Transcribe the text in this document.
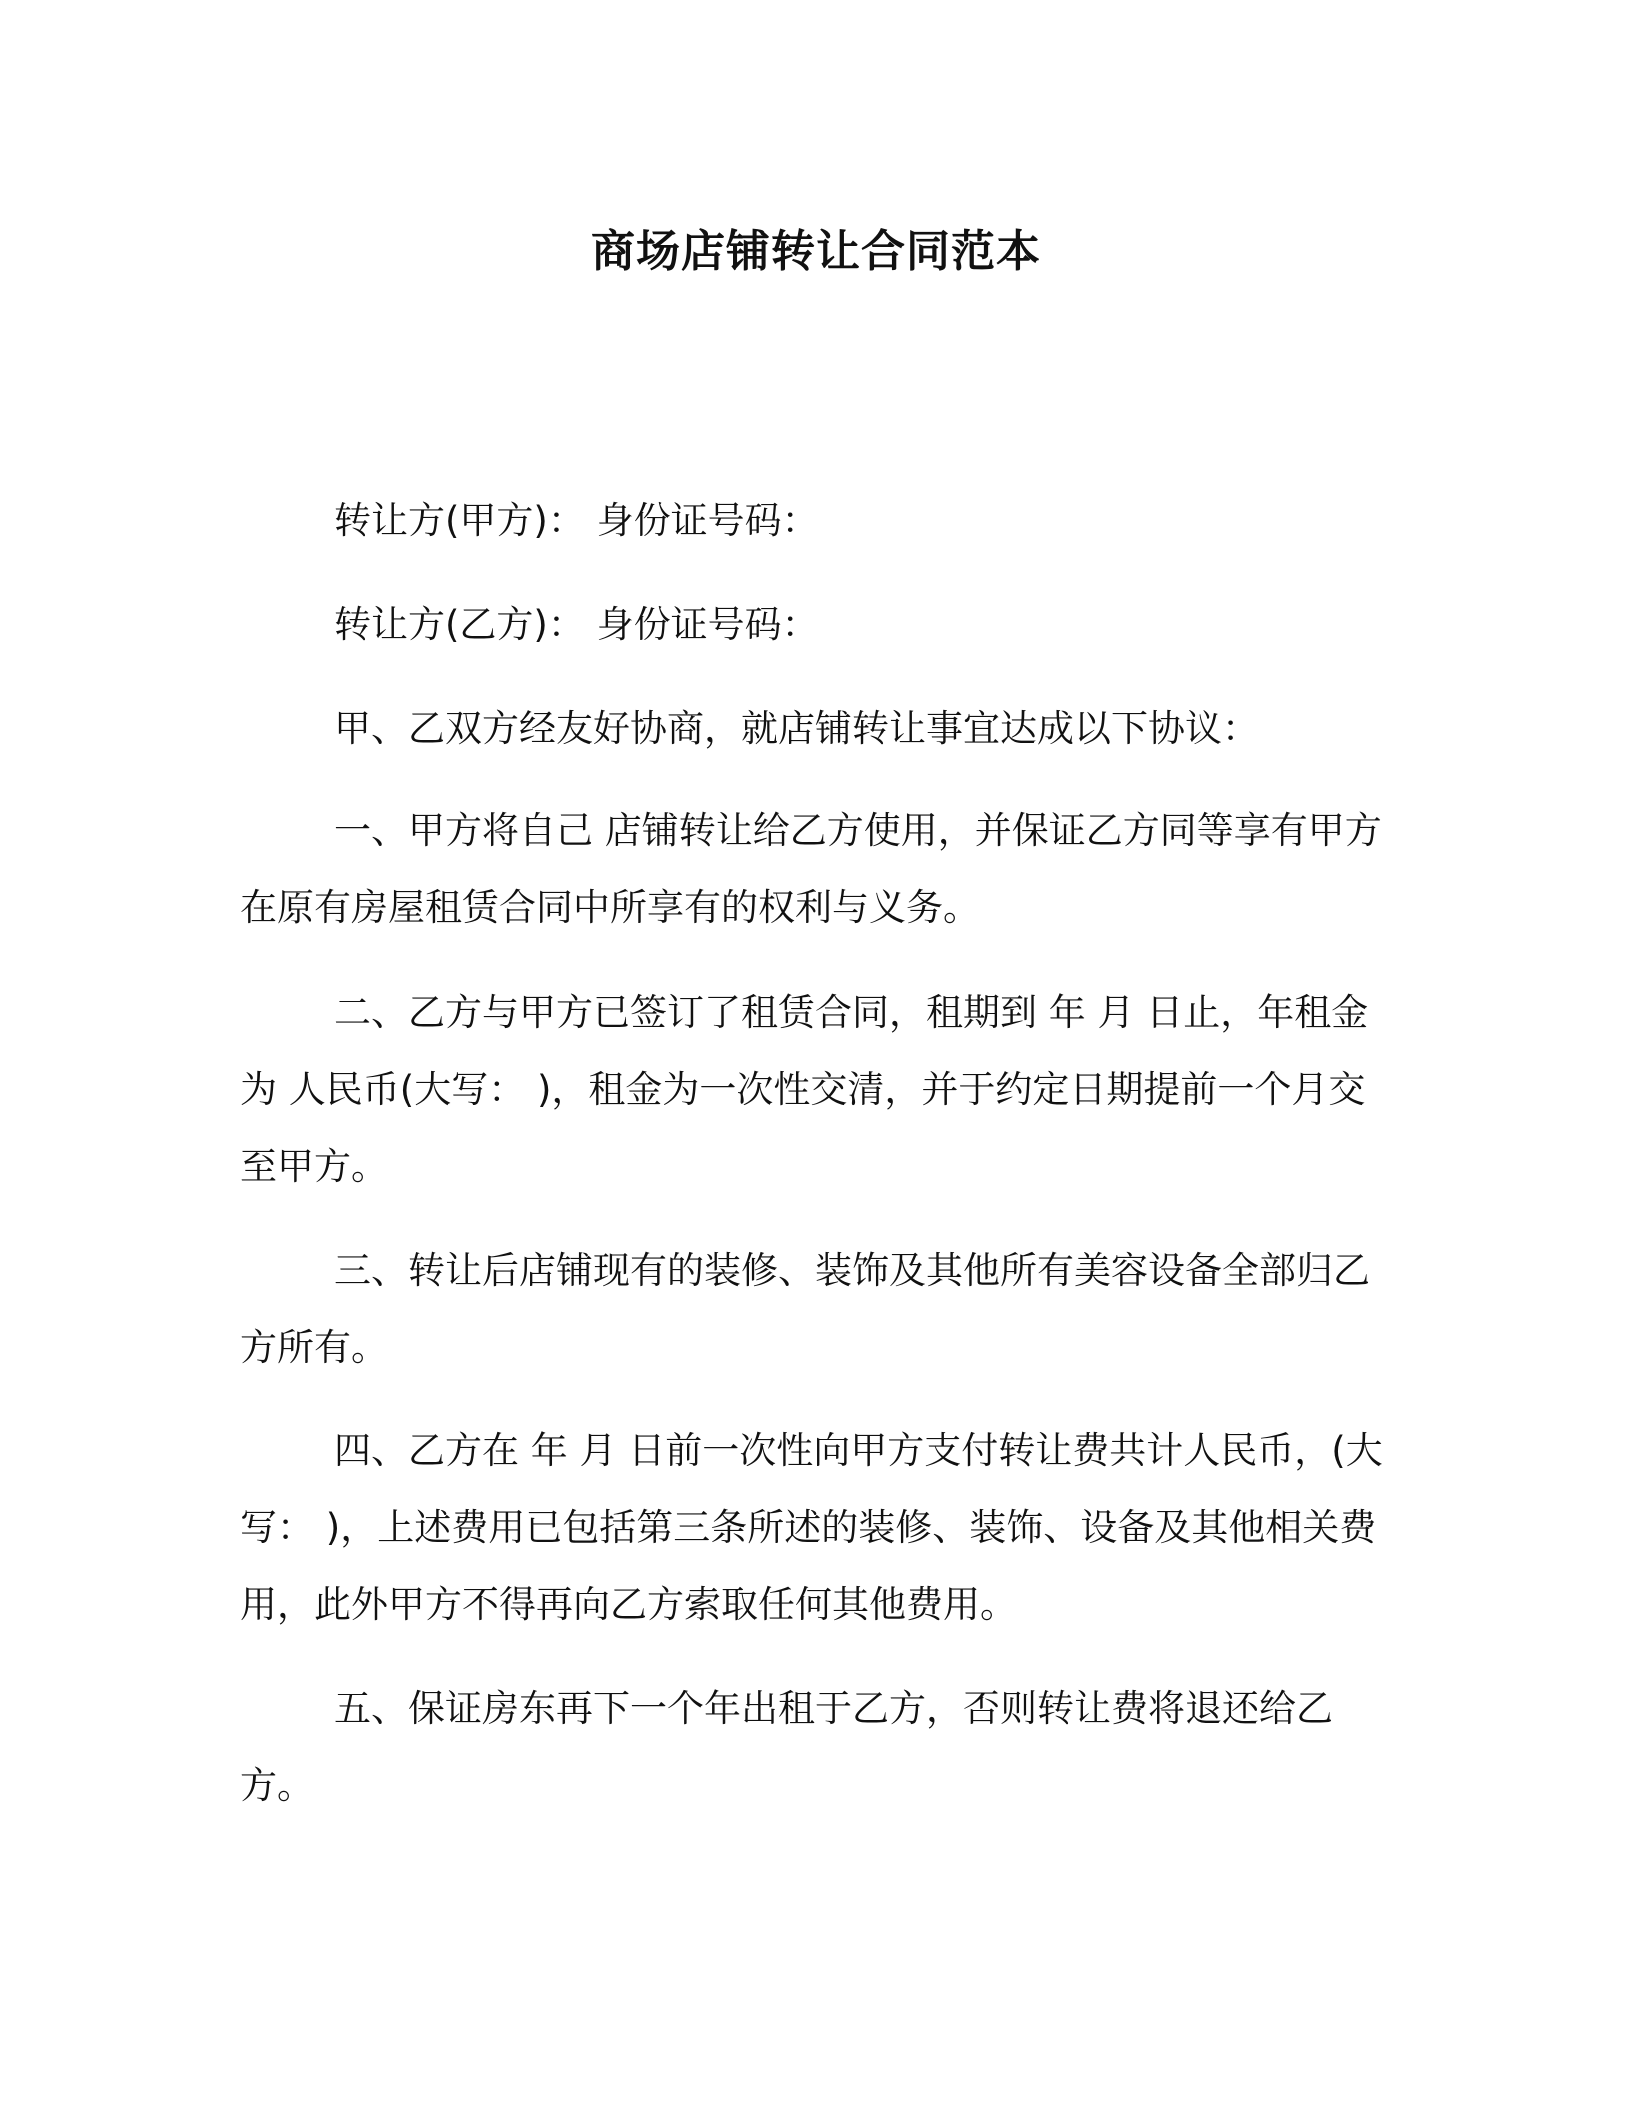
商场店铺转让合同范本
转让方(甲方)： 身份证号码：
转让方(乙方)： 身份证号码：
甲、乙双方经友好协商，就店铺转让事宜达成以下协议：
一、甲方将自己 店铺转让给乙方使用，并保证乙方同等享有甲方在原有房屋租赁合同中所享有的权利与义务。
二、乙方与甲方已签订了租赁合同，租期到 年 月 日止，年租金为 人民币(大写： )，租金为一次性交清，并于约定日期提前一个月交至甲方。
三、转让后店铺现有的装修、装饰及其他所有美容设备全部归乙方所有。
四、乙方在 年 月 日前一次性向甲方支付转让费共计人民币，(大写： )，上述费用已包括第三条所述的装修、装饰、设备及其他相关费用，此外甲方不得再向乙方索取任何其他费用。
五、保证房东再下一个年出租于乙方，否则转让费将退还给乙方。
